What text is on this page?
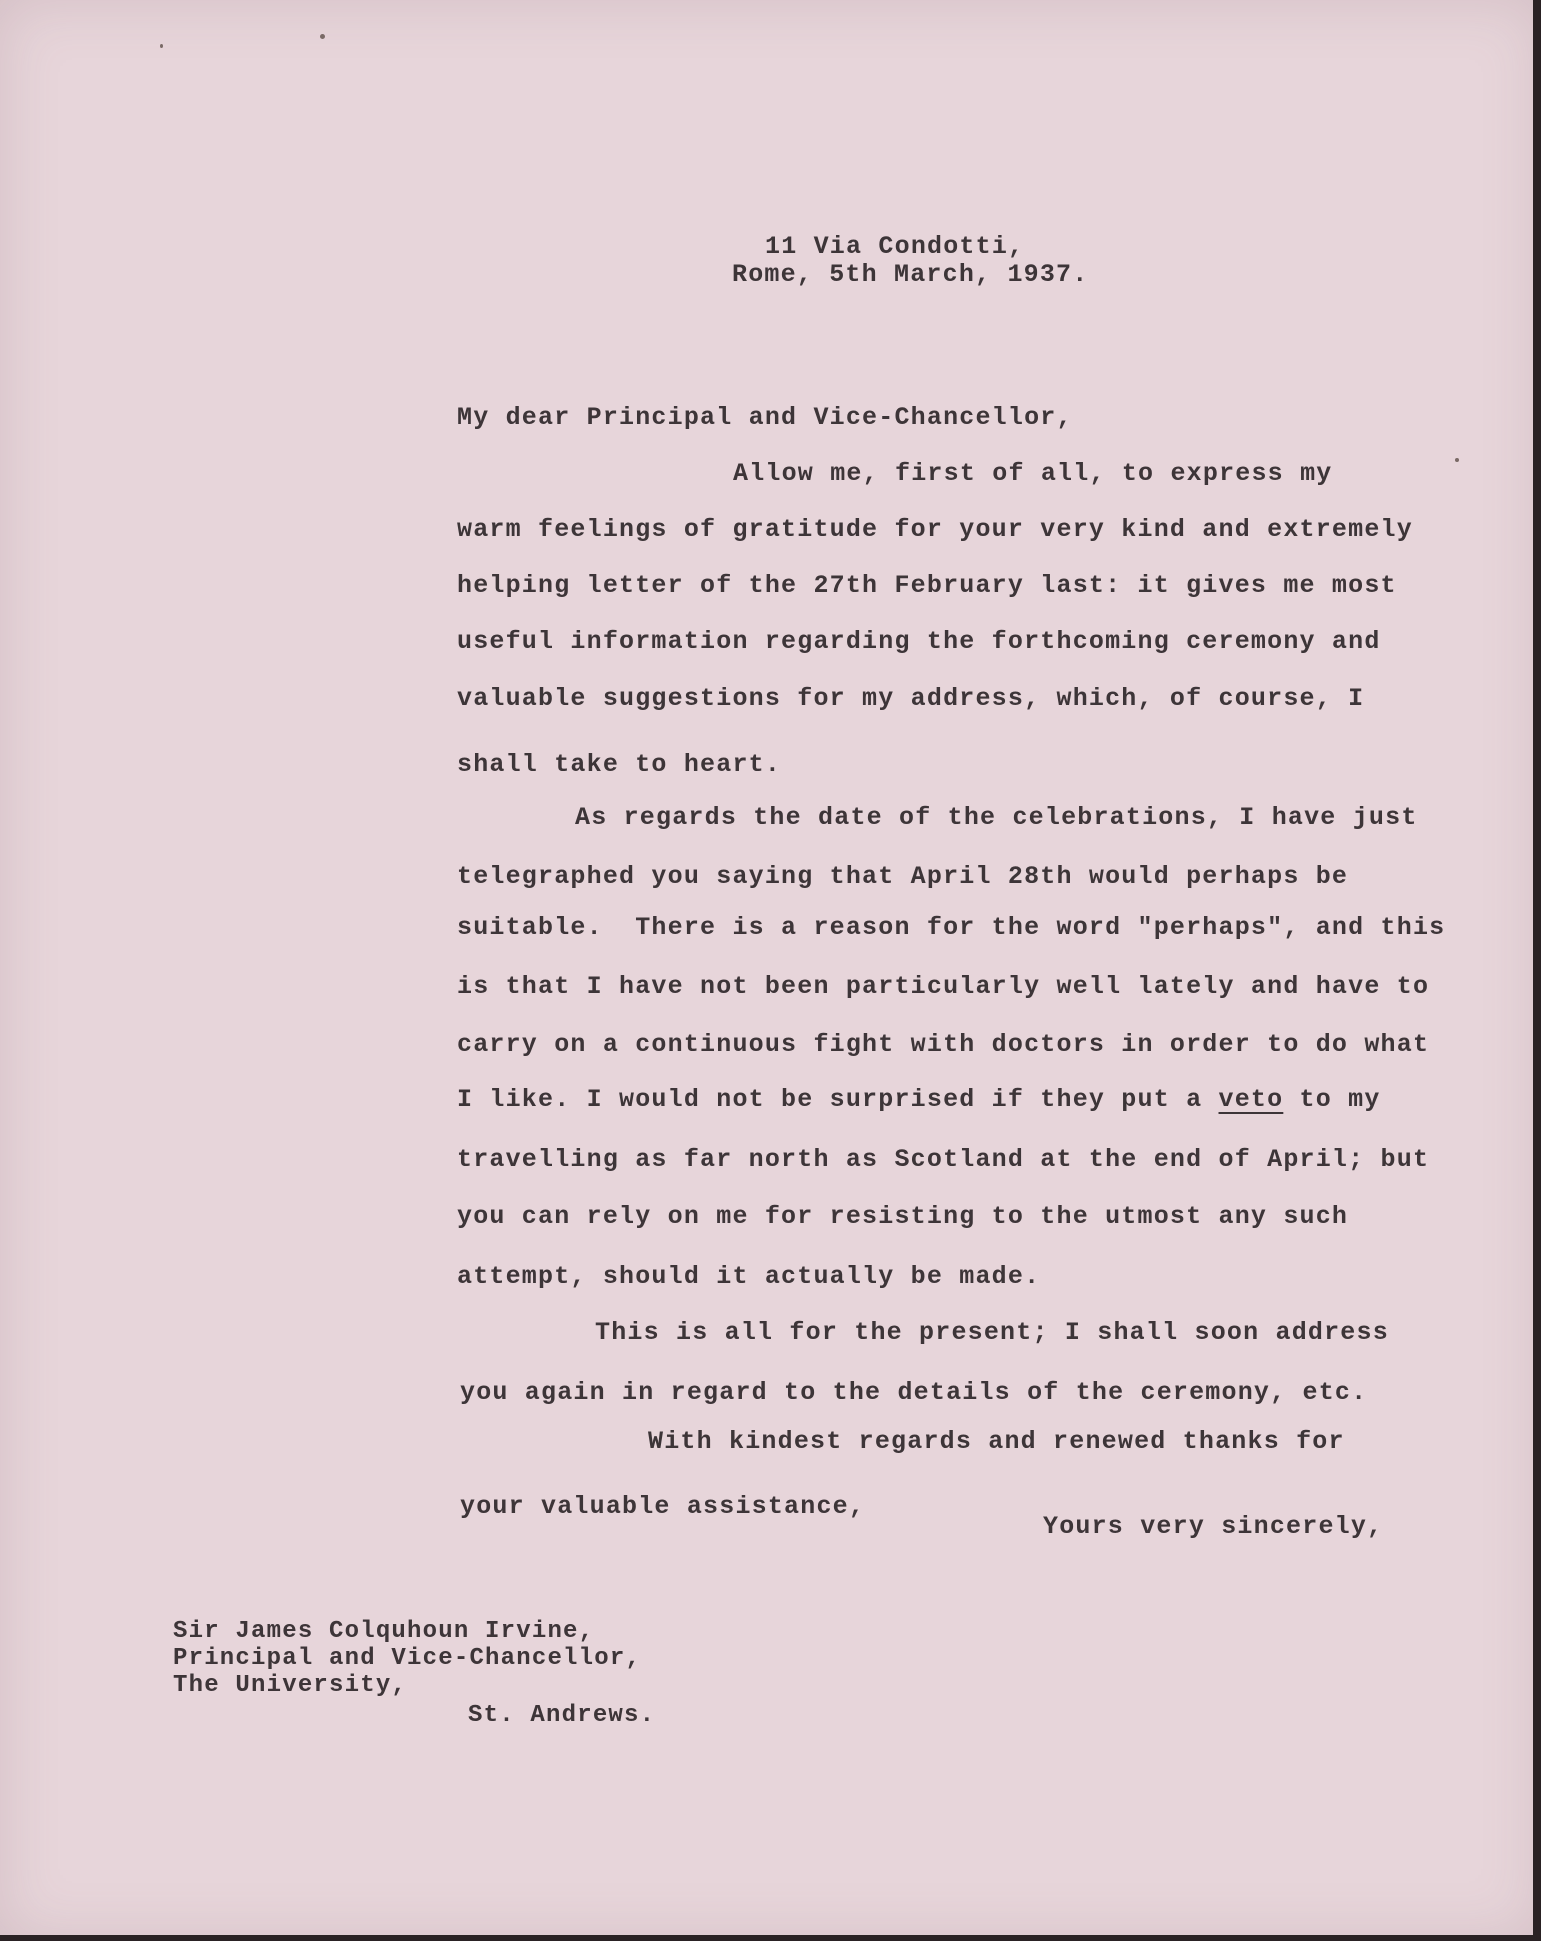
11 Via Condotti,
Rome, 5th March, 1937.
My dear Principal and Vice-Chancellor,
Allow me, first of all, to express my
warm feelings of gratitude for your very kind and extremely
helping letter of the 27th February last: it gives me most
useful information regarding the forthcoming ceremony and
valuable suggestions for my address, which, of course, I
shall take to heart.
As regards the date of the celebrations, I have just
telegraphed you saying that April 28th would perhaps be
suitable.  There is a reason for the word "perhaps", and this
is that I have not been particularly well lately and have to
carry on a continuous fight with doctors in order to do what
I like. I would not be surprised if they put a veto to my
travelling as far north as Scotland at the end of April; but
you can rely on me for resisting to the utmost any such
attempt, should it actually be made.
This is all for the present; I shall soon address
you again in regard to the details of the ceremony, etc.
With kindest regards and renewed thanks for
your valuable assistance,
Yours very sincerely,
Sir James Colquhoun Irvine,
Principal and Vice-Chancellor,
The University,
St. Andrews.
